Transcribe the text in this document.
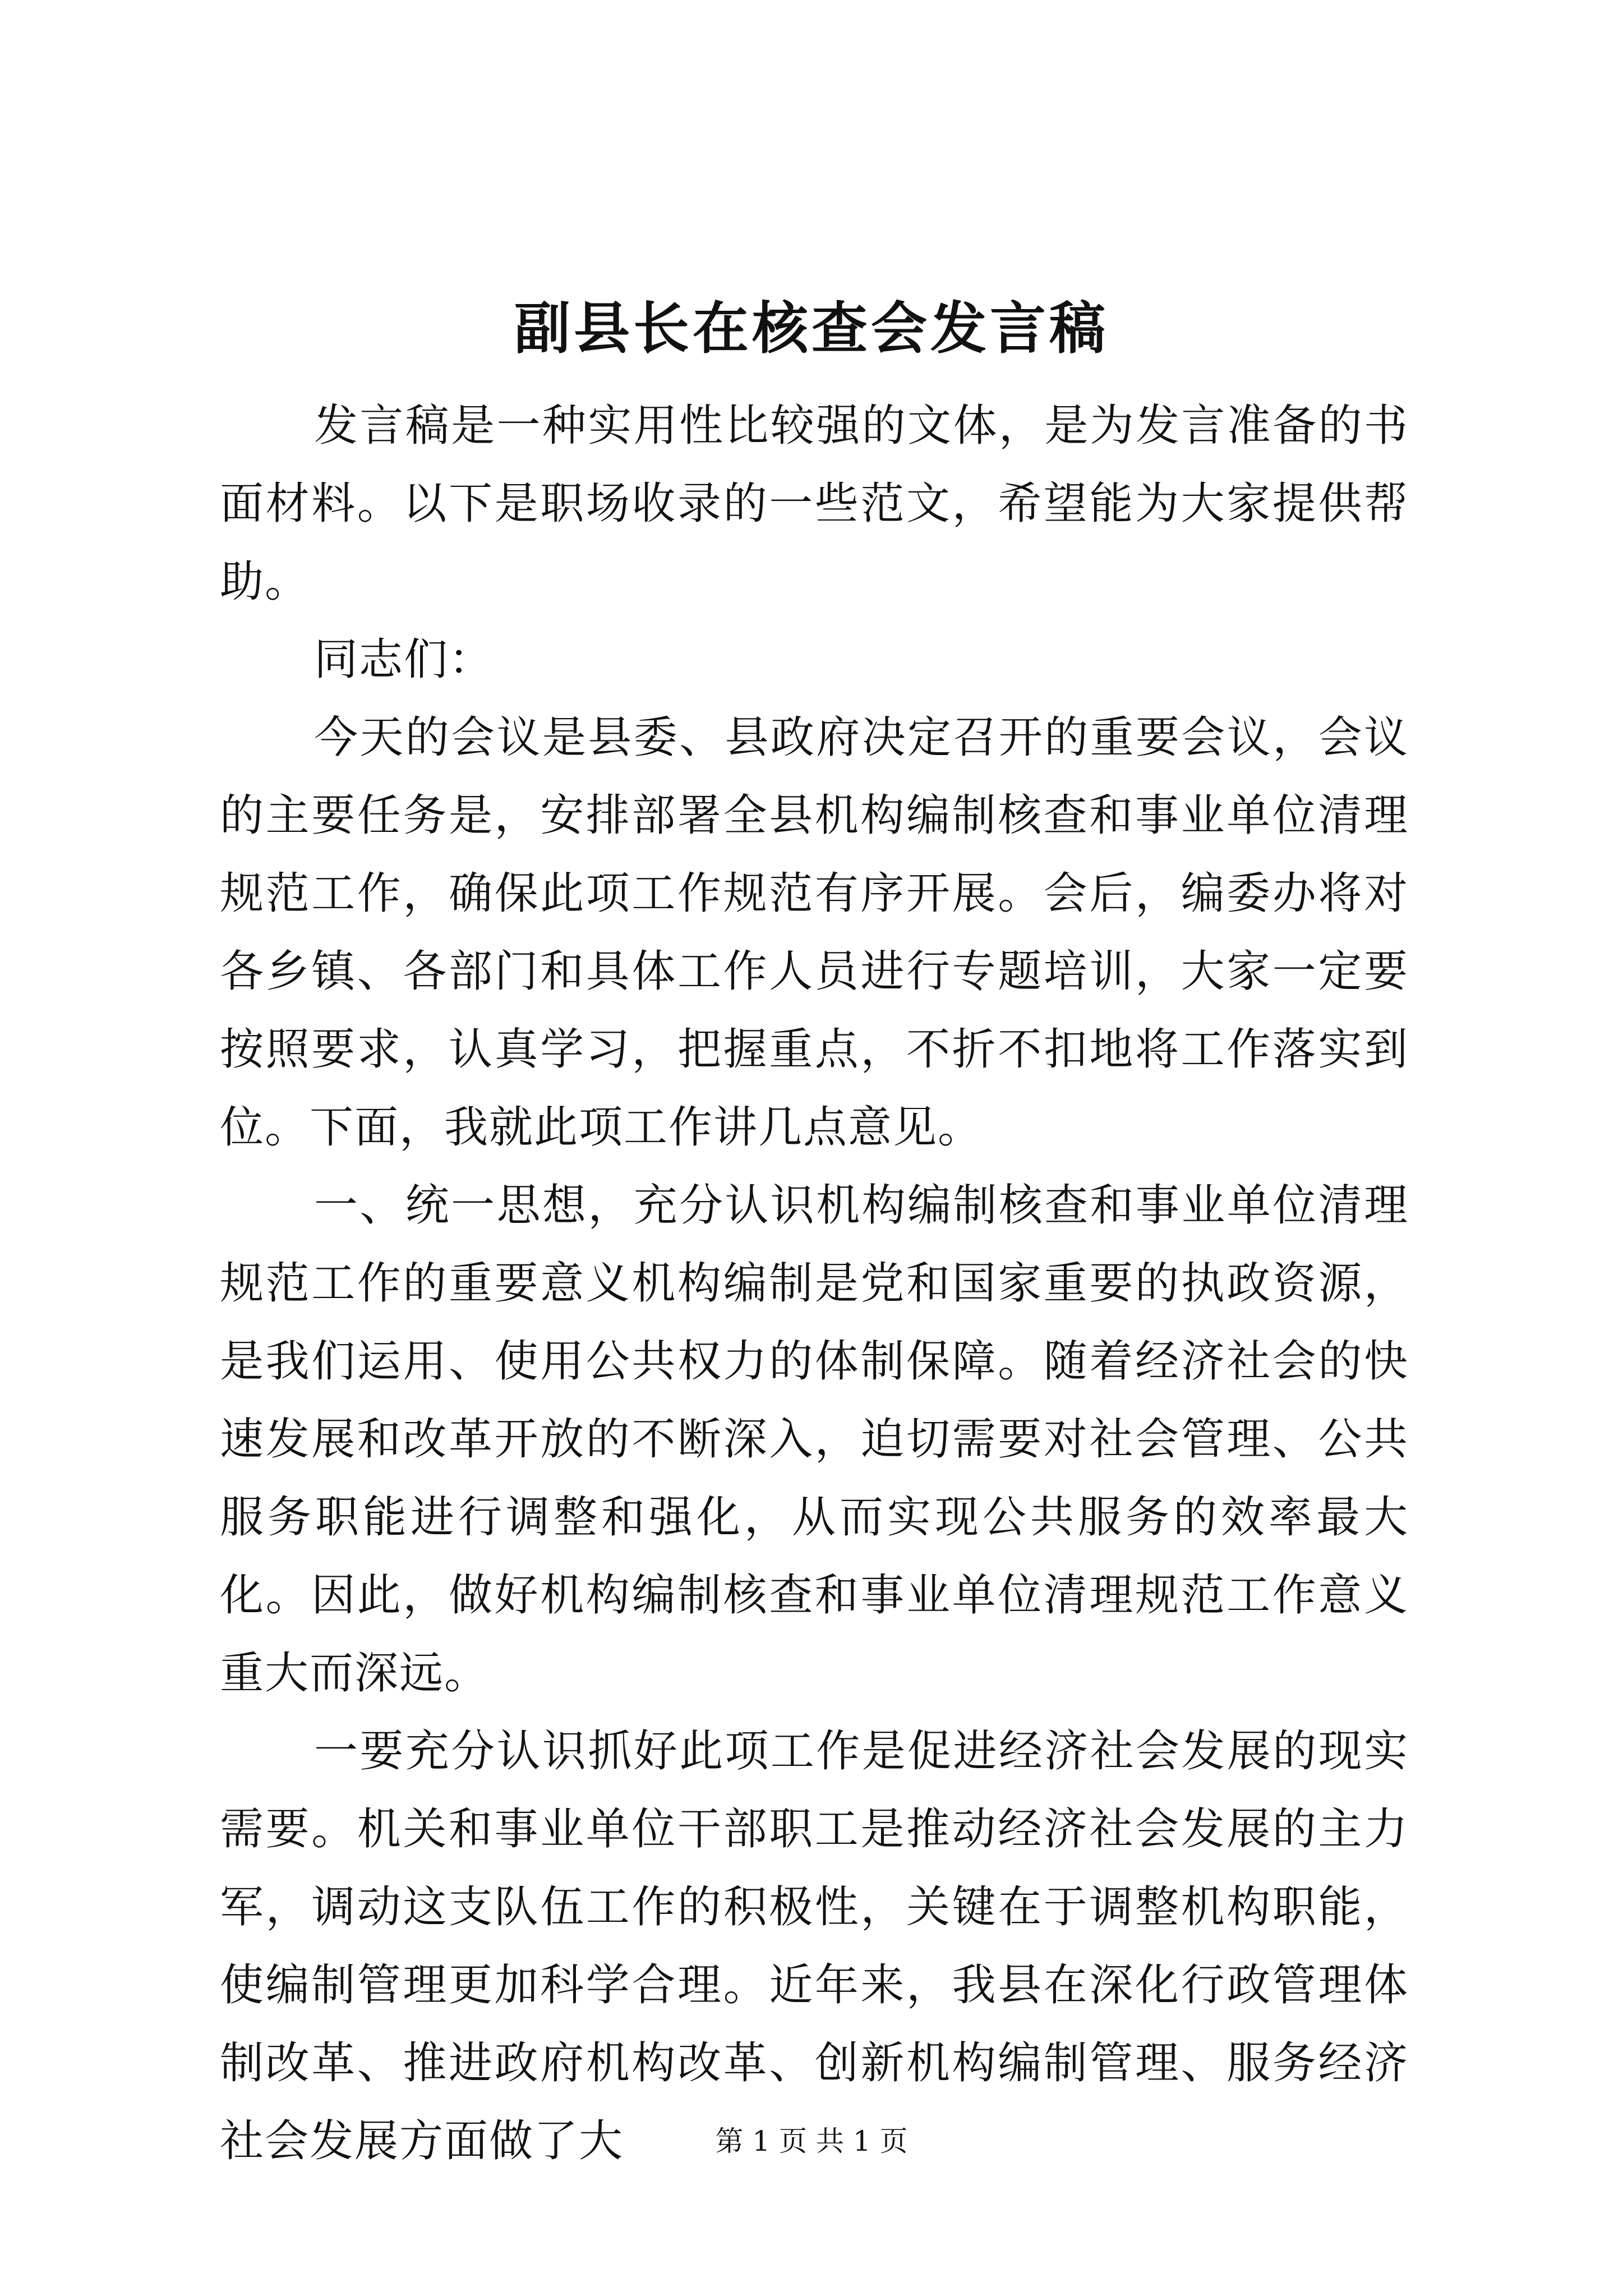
副县长在核查会发言稿

发言稿是一种实用性比较强的文体，是为发言准备的书面材料。以下是职场收录的一些范文，希望能为大家提供帮助。

同志们：

今天的会议是县委、县政府决定召开的重要会议，会议的主要任务是，安排部署全县机构编制核查和事业单位清理规范工作，确保此项工作规范有序开展。会后，编委办将对各乡镇、各部门和具体工作人员进行专题培训，大家一定要按照要求，认真学习，把握重点，不折不扣地将工作落实到位。下面，我就此项工作讲几点意见。

一、统一思想，充分认识机构编制核查和事业单位清理规范工作的重要意义机构编制是党和国家重要的执政资源，是我们运用、使用公共权力的体制保障。随着经济社会的快速发展和改革开放的不断深入，迫切需要对社会管理、公共服务职能进行调整和强化，从而实现公共服务的效率最大化。因此，做好机构编制核查和事业单位清理规范工作意义重大而深远。

一要充分认识抓好此项工作是促进经济社会发展的现实需要。机关和事业单位干部职工是推动经济社会发展的主力军，调动这支队伍工作的积极性，关键在于调整机构职能，使编制管理更加科学合理。近年来，我县在深化行政管理体制改革、推进政府机构改革、创新机构编制管理、服务经济社会发展方面做了大	第 1 页 共 1 页
